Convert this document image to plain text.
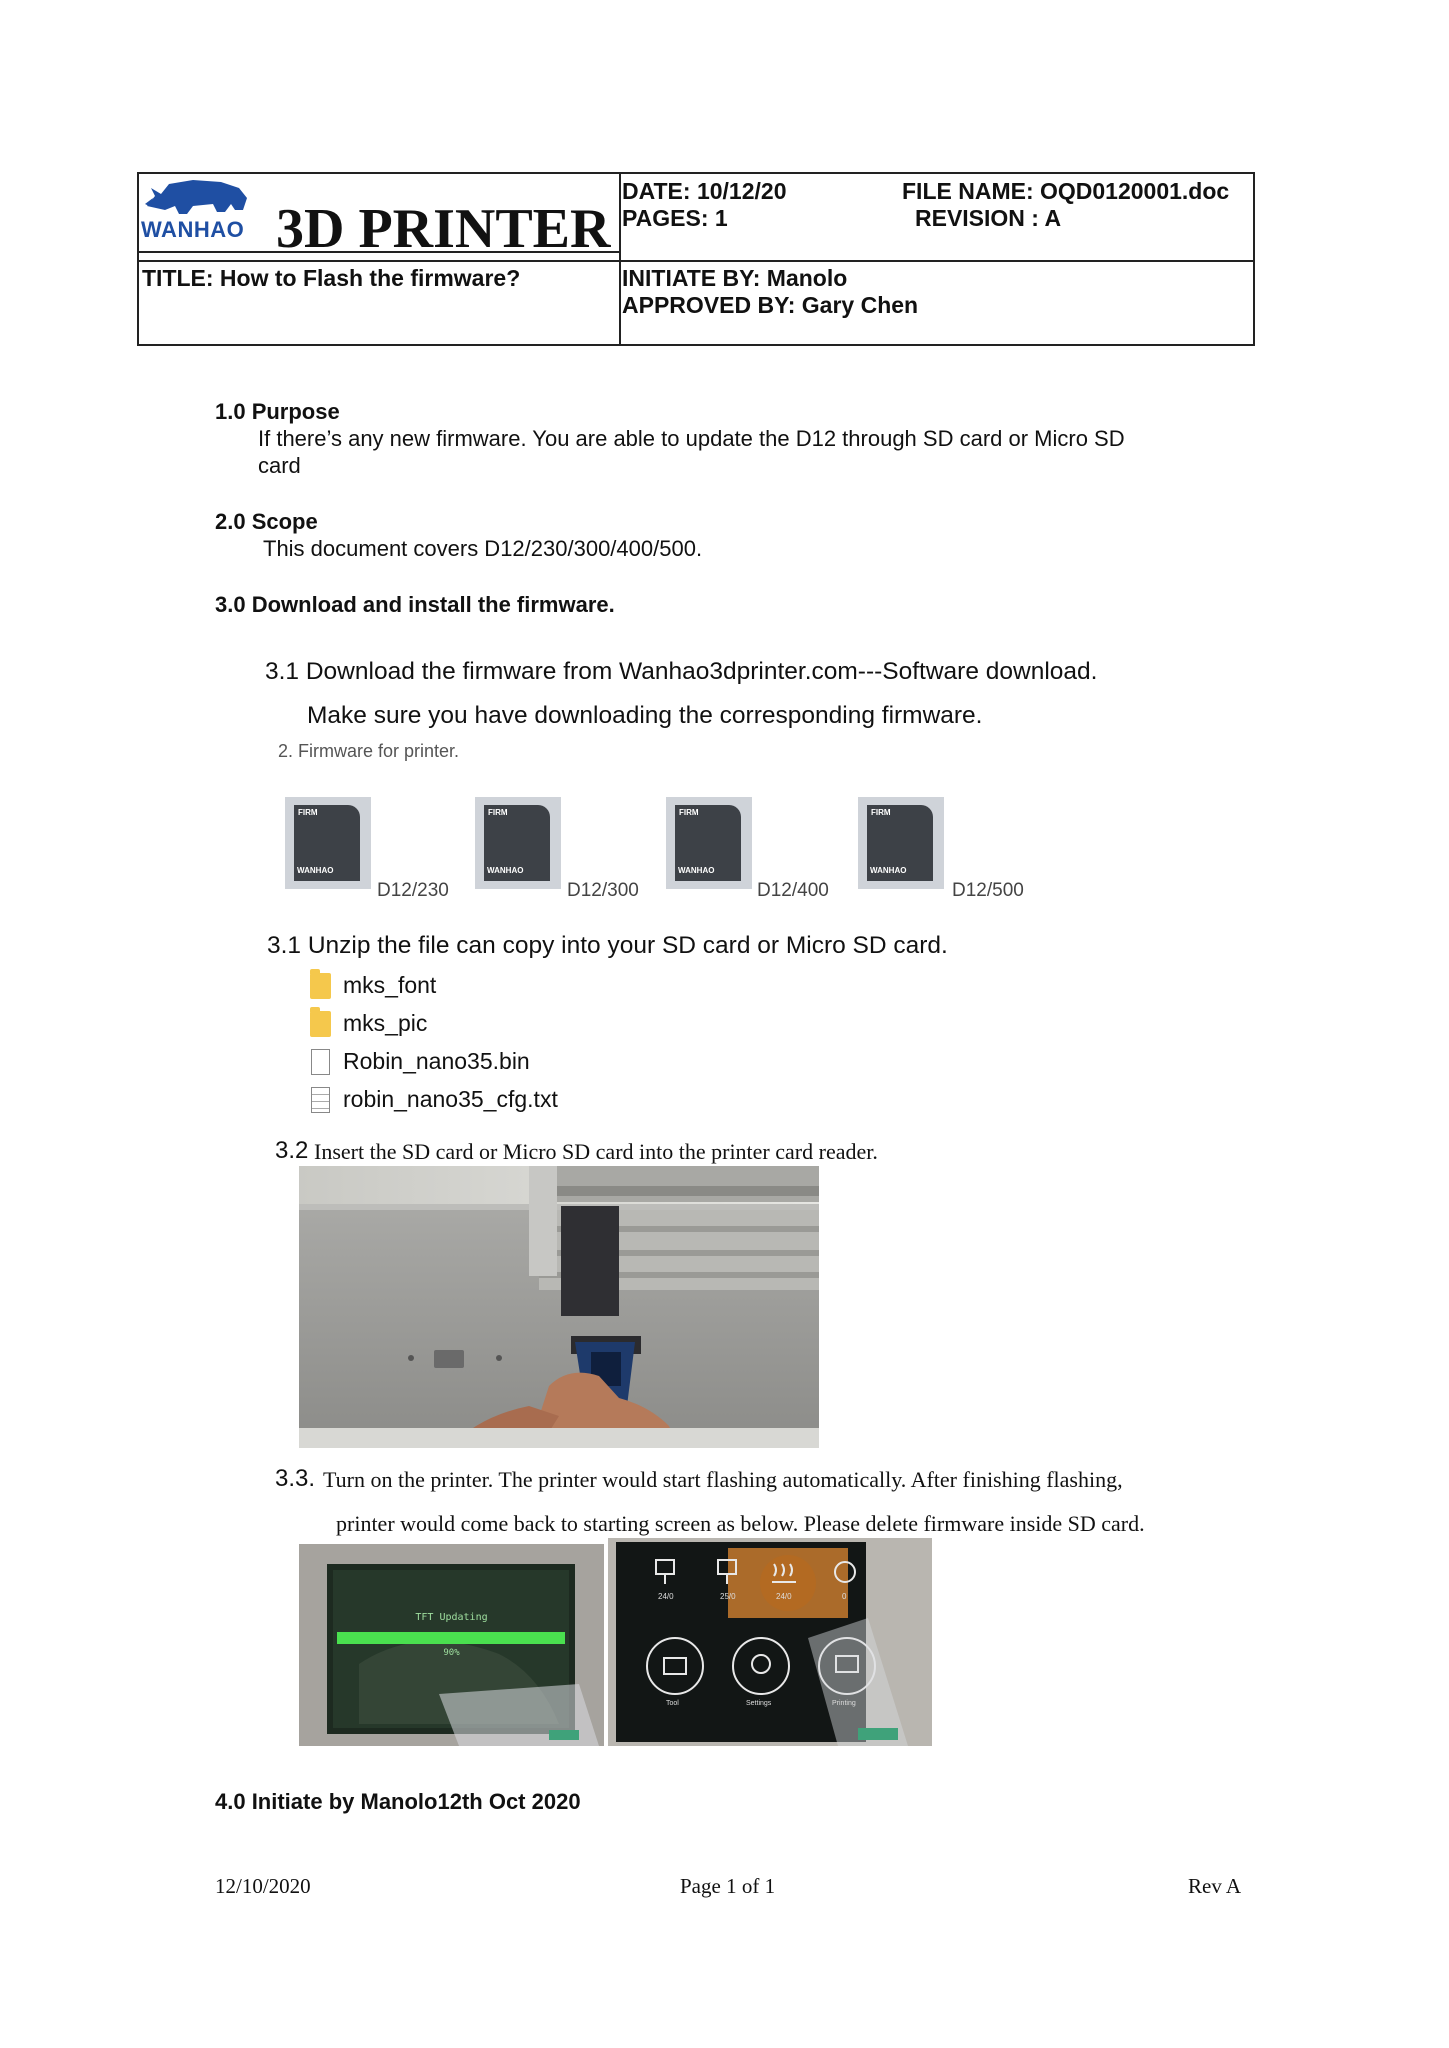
WANHAO 3D PRINTER
DATE: 10/12/20
PAGES: 1
FILE NAME: OQD0120001.doc
REVISION : A
TITLE: How to Flash the firmware?	INITIATE BY: Manolo
APPROVED BY: Gary Chen
1.0 Purpose
If there’s any new firmware. You are able to update the D12 through SD card or Micro SD
card
2.0 Scope
This document covers D12/230/300/400/500.
3.0 Download and install the firmware.
3.1 Download the firmware from Wanhao3dprinter.com---Software download.
Make sure you have downloading the corresponding firmware.
2. Firmware for printer.
FIRM
WANHAO
D12/230
FIRM
WANHAO
D12/300
FIRM
WANHAO
D12/400
FIRM
WANHAO
D12/500
3.1 Unzip the file can copy into your SD card or Micro SD card.
mks_font
mks_pic
Robin_nano35.bin
robin_nano35_cfg.txt
3.2 Insert the SD card or Micro SD card into the printer card reader.
3.3. Turn on the printer. The printer would start flashing automatically. After finishing flashing,
printer would come back to starting screen as below. Please delete firmware inside SD card.
TFT Updating
90%
24/0	25/0	24/0	0
Tool	Settings	Printing
4.0 Initiate by Manolo12th Oct 2020
12/10/2020	Page 1 of 1	Rev A
